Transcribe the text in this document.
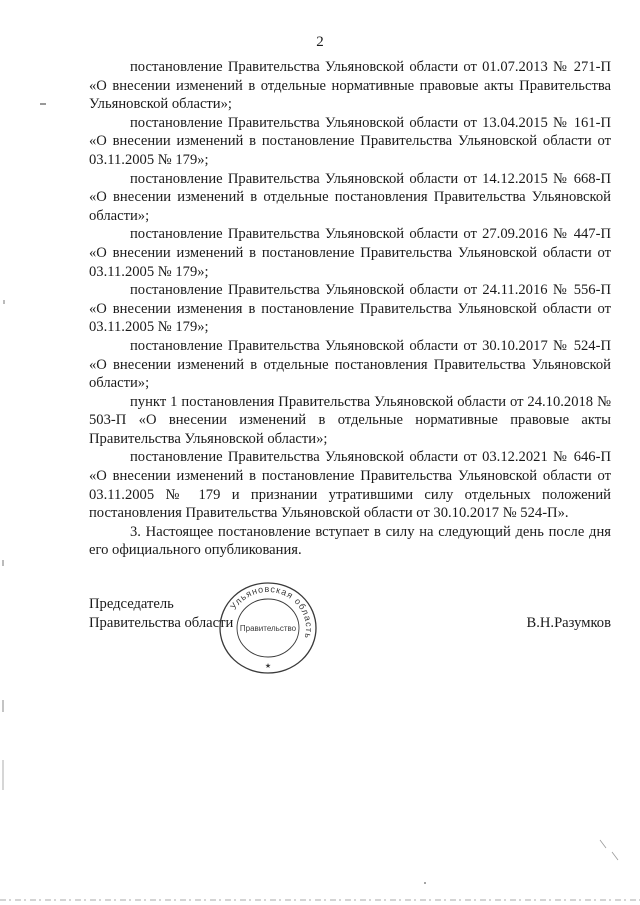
2

постановление Правительства Ульяновской области от 01.07.2013 № 271-П «О внесении изменений в отдельные нормативные правовые акты Правительства Ульяновской области»;

постановление Правительства Ульяновской области от 13.04.2015 № 161-П «О внесении изменений в постановление Правительства Ульяновской области от 03.11.2005 № 179»;

постановление Правительства Ульяновской области от 14.12.2015 № 668-П «О внесении изменений в отдельные постановления Правительства Ульяновской области»;

постановление Правительства Ульяновской области от 27.09.2016 № 447-П «О внесении изменений в постановление Правительства Ульяновской области от 03.11.2005 № 179»;

постановление Правительства Ульяновской области от 24.11.2016 № 556-П «О внесении изменения в постановление Правительства Ульяновской области от 03.11.2005 № 179»;

постановление Правительства Ульяновской области от 30.10.2017 № 524-П «О внесении изменений в отдельные постановления Правительства Ульяновской области»;

пункт 1 постановления Правительства Ульяновской области от 24.10.2018 № 503-П «О внесении изменений в отдельные нормативные правовые акты Правительства Ульяновской области»;

постановление Правительства Ульяновской области от 03.12.2021 № 646-П «О внесении изменений в постановление Правительства Ульяновской области от 03.11.2005 № 179 и признании утратившими силу отдельных положений постановления Правительства Ульяновской области от 30.10.2017 № 524-П».

3. Настоящее постановление вступает в силу на следующий день после дня его официального опубликования.

Председатель

Правительства области	В.Н.Разумков
Ульяновская область
Правительство
★
